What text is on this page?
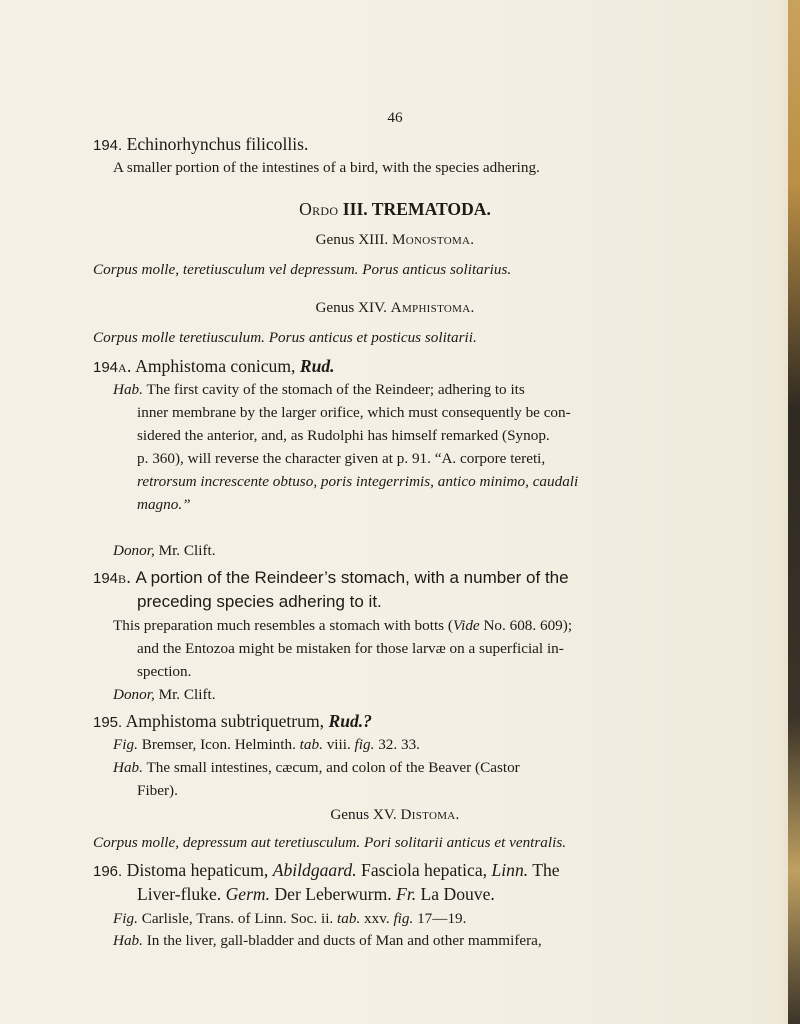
46
194. Echinorhynchus filicollis.
A smaller portion of the intestines of a bird, with the species adhering.
Ordo III. TREMATODA.
Genus XIII. Monostoma.
Corpus molle, teretiusculum vel depressum. Porus anticus solitarius.
Genus XIV. Amphistoma.
Corpus molle teretiusculum. Porus anticus et posticus solitarii.
194a. Amphistoma conicum, Rud.
Hab. The first cavity of the stomach of the Reindeer; adhering to its
inner membrane by the larger orifice, which must consequently be con-
sidered the anterior, and, as Rudolphi has himself remarked (Synop.
p. 360), will reverse the character given at p. 91. “A. corpore tereti,
retrorsum increscente obtuso, poris integerrimis, antico minimo, caudali
magno.”
Donor, Mr. Clift.
194b. A portion of the Reindeer’s stomach, with a number of the
preceding species adhering to it.
This preparation much resembles a stomach with botts (Vide No. 608. 609);
and the Entozoa might be mistaken for those larvæ on a superficial in-
spection.
Donor, Mr. Clift.
195. Amphistoma subtriquetrum, Rud.?
Fig. Bremser, Icon. Helminth. tab. viii. fig. 32. 33.
Hab. The small intestines, cæcum, and colon of the Beaver (Castor
Fiber).
Genus XV. Distoma.
Corpus molle, depressum aut teretiusculum. Pori solitarii anticus et ventralis.
196. Distoma hepaticum, Abildgaard. Fasciola hepatica, Linn. The
Liver-fluke. Germ. Der Leberwurm. Fr. La Douve.
Fig. Carlisle, Trans. of Linn. Soc. ii. tab. xxv. fig. 17—19.
Hab. In the liver, gall-bladder and ducts of Man and other mammifera,
